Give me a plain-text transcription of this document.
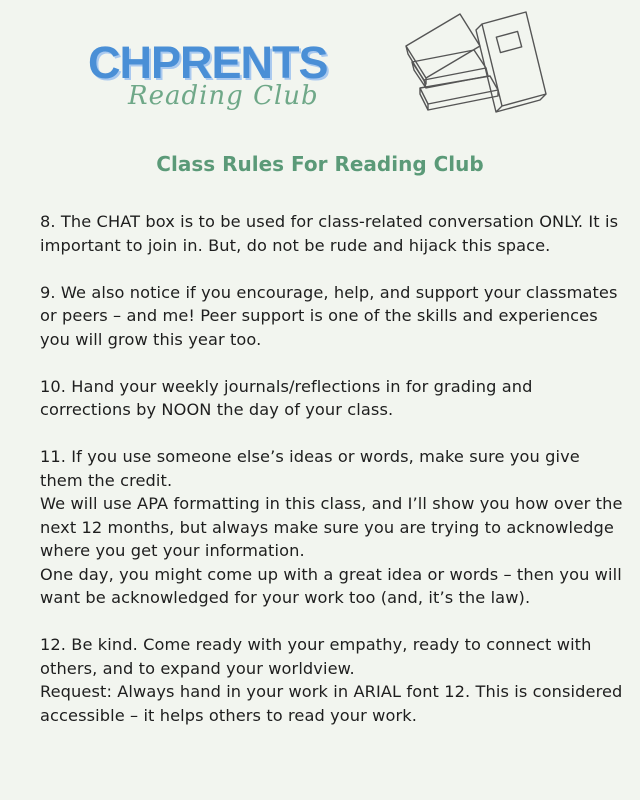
CHPRENTS
Reading Club
Class Rules For Reading Club

8. The CHAT box is to be used for class-related conversation ONLY. It is important to join in. But, do not be rude and hijack this space.

9. We also notice if you encourage, help, and support your classmates or peers – and me! Peer support is one of the skills and experiences you will grow this year too.

10. Hand your weekly journals/reflections in for grading and corrections by NOON the day of your class.

11. If you use someone else’s ideas or words, make sure you give them the credit.

We will use APA formatting in this class, and I’ll show you how over the next 12 months, but always make sure you are trying to acknowledge where you get your information.

One day, you might come up with a great idea or words – then you will want be acknowledged for your work too (and, it’s the law).

12. Be kind. Come ready with your empathy, ready to connect with others, and to expand your worldview.

Request: Always hand in your work in ARIAL font 12. This is considered accessible – it helps others to read your work.
